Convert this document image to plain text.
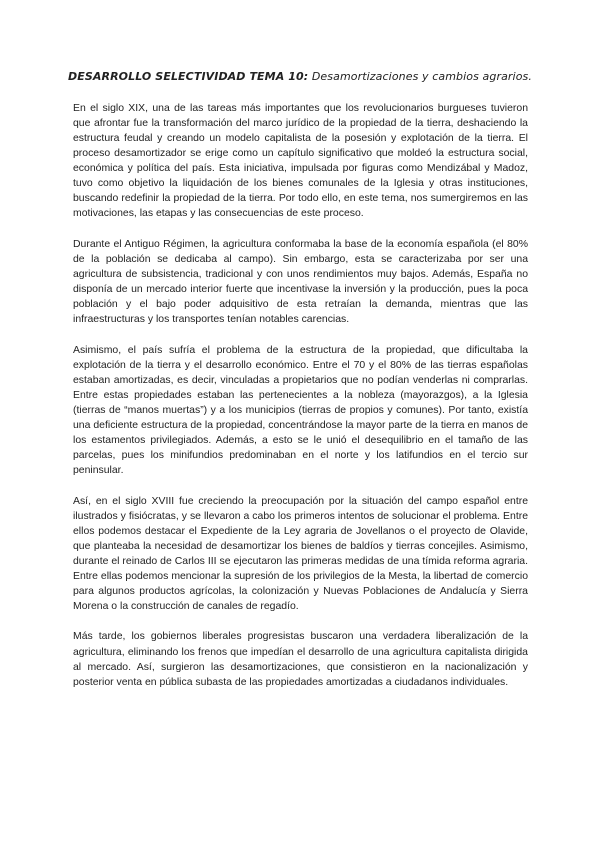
DESARROLLO SELECTIVIDAD TEMA 10: Desamortizaciones y cambios agrarios.

En el siglo XIX, una de las tareas más importantes que los revolucionarios burgueses tuvieron que afrontar fue la transformación del marco jurídico de la propiedad de la tierra, deshaciendo la estructura feudal y creando un modelo capitalista de la posesión y explotación de la tierra. El proceso desamortizador se erige como un capítulo significativo que moldeó la estructura social, económica y política del país. Esta iniciativa, impulsada por figuras como Mendizábal y Madoz, tuvo como objetivo la liquidación de los bienes comunales de la Iglesia y otras instituciones, buscando redefinir la propiedad de la tierra. Por todo ello, en este tema, nos sumergiremos en las motivaciones, las etapas y las consecuencias de este proceso.

Durante el Antiguo Régimen, la agricultura conformaba la base de la economía española (el 80% de la población se dedicaba al campo). Sin embargo, esta se caracterizaba por ser una agricultura de subsistencia, tradicional y con unos rendimientos muy bajos. Además, España no disponía de un mercado interior fuerte que incentivase la inversión y la producción, pues la poca población y el bajo poder adquisitivo de esta retraían la demanda, mientras que las infraestructuras y los transportes tenían notables carencias.

Asimismo, el país sufría el problema de la estructura de la propiedad, que dificultaba la explotación de la tierra y el desarrollo económico. Entre el 70 y el 80% de las tierras españolas estaban amortizadas, es decir, vinculadas a propietarios que no podían venderlas ni comprarlas. Entre estas propiedades estaban las pertenecientes a la nobleza (mayorazgos), a la Iglesia (tierras de “manos muertas”) y a los municipios (tierras de propios y comunes). Por tanto, existía una deficiente estructura de la propiedad, concentrándose la mayor parte de la tierra en manos de los estamentos privilegiados. Además, a esto se le unió el desequilibrio en el tamaño de las parcelas, pues los minifundios predominaban en el norte y los latifundios en el tercio sur peninsular.

Así, en el siglo XVIII fue creciendo la preocupación por la situación del campo español entre ilustrados y fisiócratas, y se llevaron a cabo los primeros intentos de solucionar el problema. Entre ellos podemos destacar el Expediente de la Ley agraria de Jovellanos o el proyecto de Olavide, que planteaba la necesidad de desamortizar los bienes de baldíos y tierras concejiles. Asimismo, durante el reinado de Carlos III se ejecutaron las primeras medidas de una tímida reforma agraria. Entre ellas podemos mencionar la supresión de los privilegios de la Mesta, la libertad de comercio para algunos productos agrícolas, la colonización y Nuevas Poblaciones de Andalucía y Sierra Morena o la construcción de canales de regadío.

Más tarde, los gobiernos liberales progresistas buscaron una verdadera liberalización de la agricultura, eliminando los frenos que impedían el desarrollo de una agricultura capitalista dirigida al mercado. Así, surgieron las desamortizaciones, que consistieron en la nacionalización y posterior venta en pública subasta de las propiedades amortizadas a ciudadanos individuales.
